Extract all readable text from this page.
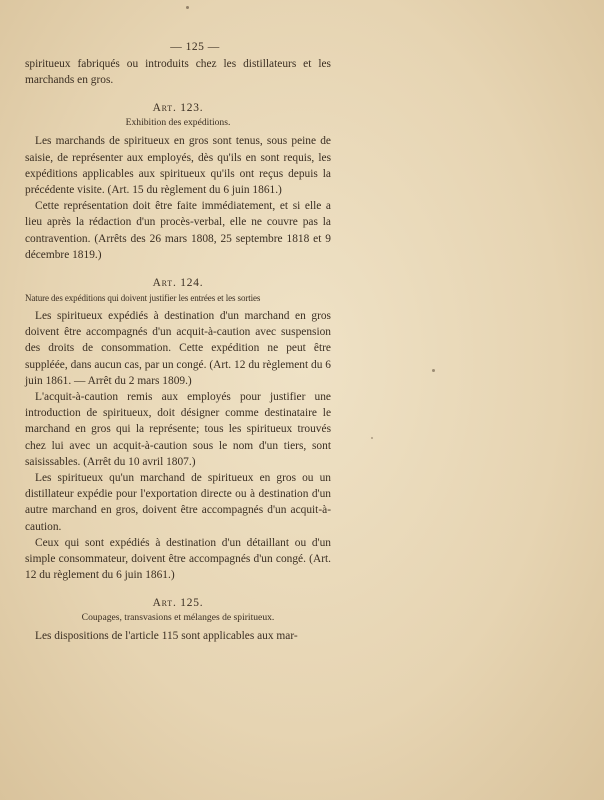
— 125 —

spiritueux fabriqués ou introduits chez les distillateurs et les marchands en gros.

Art. 123.
Exhibition des expéditions.

Les marchands de spiritueux en gros sont tenus, sous peine de saisie, de représenter aux employés, dès qu'ils en sont requis, les expéditions applicables aux spiritueux qu'ils ont reçus depuis la précédente visite. (Art. 15 du règlement du 6 juin 1861.)

Cette représentation doit être faite immédiatement, et si elle a lieu après la rédaction d'un procès-verbal, elle ne couvre pas la contravention. (Arrêts des 26 mars 1808, 25 septembre 1818 et 9 décembre 1819.)

Art. 124.
Nature des expéditions qui doivent justifier les entrées et les sorties

Les spiritueux expédiés à destination d'un marchand en gros doivent être accompagnés d'un acquit-à-caution avec suspension des droits de consommation. Cette expédition ne peut être suppléée, dans aucun cas, par un congé. (Art. 12 du règlement du 6 juin 1861. — Arrêt du 2 mars 1809.)

L'acquit-à-caution remis aux employés pour justifier une introduction de spiritueux, doit désigner comme destinataire le marchand en gros qui la représente; tous les spiritueux trouvés chez lui avec un acquit-à-caution sous le nom d'un tiers, sont saisissables. (Arrêt du 10 avril 1807.)

Les spiritueux qu'un marchand de spiritueux en gros ou un distillateur expédie pour l'exportation directe ou à destination d'un autre marchand en gros, doivent être accompagnés d'un acquit-à-caution.

Ceux qui sont expédiés à destination d'un détaillant ou d'un simple consommateur, doivent être accompagnés d'un congé. (Art. 12 du règlement du 6 juin 1861.)

Art. 125.
Coupages, transvasions et mélanges de spiritueux.

Les dispositions de l'article 115 sont applicables aux mar-
